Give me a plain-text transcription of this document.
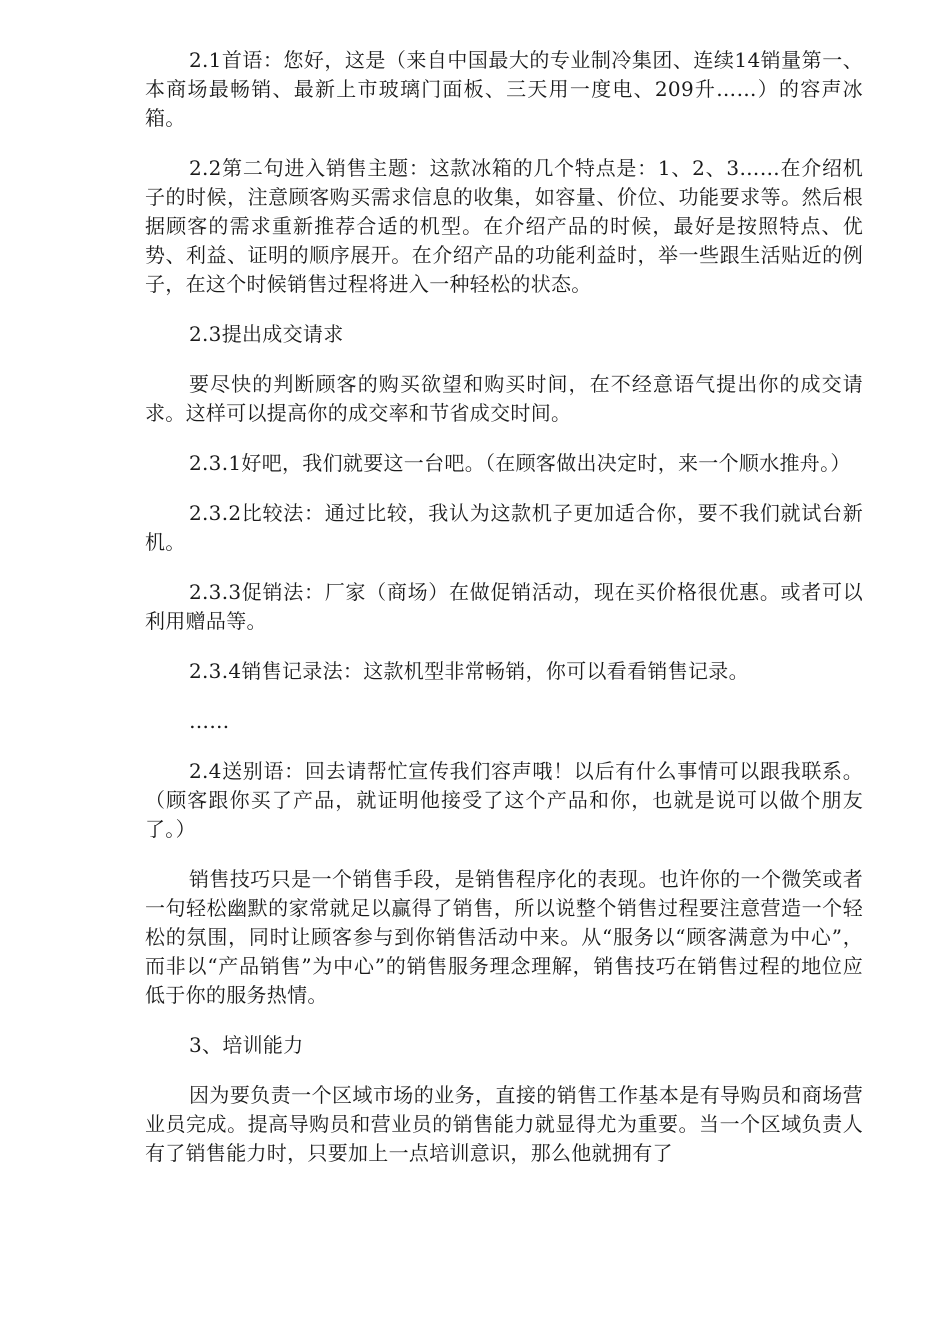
2.1首语：您好，这是（来自中国最大的专业制冷集团、连续14销量第一、本商场最畅销、最新上市玻璃门面板、三天用一度电、209升……）的容声冰箱。

2.2第二句进入销售主题：这款冰箱的几个特点是：1、2、3……在介绍机子的时候，注意顾客购买需求信息的收集，如容量、价位、功能要求等。然后根据顾客的需求重新推荐合适的机型。在介绍产品的时候，最好是按照特点、优势、利益、证明的顺序展开。在介绍产品的功能利益时，举一些跟生活贴近的例子，在这个时候销售过程将进入一种轻松的状态。

2.3提出成交请求

要尽快的判断顾客的购买欲望和购买时间，在不经意语气提出你的成交请求。这样可以提高你的成交率和节省成交时间。

2.3.1好吧，我们就要这一台吧。（在顾客做出决定时，来一个顺水推舟。）

2.3.2比较法：通过比较，我认为这款机子更加适合你，要不我们就试台新机。

2.3.3促销法：厂家（商场）在做促销活动，现在买价格很优惠。或者可以利用赠品等。

2.3.4销售记录法：这款机型非常畅销，你可以看看销售记录。

……

2.4送别语：回去请帮忙宣传我们容声哦！以后有什么事情可以跟我联系。（顾客跟你买了产品，就证明他接受了这个产品和你，也就是说可以做个朋友了。）

销售技巧只是一个销售手段，是销售程序化的表现。也许你的一个微笑或者一句轻松幽默的家常就足以赢得了销售，所以说整个销售过程要注意营造一个轻松的氛围，同时让顾客参与到你销售活动中来。从“服务以“顾客满意为中心”，而非以“产品销售”为中心”的销售服务理念理解，销售技巧在销售过程的地位应低于你的服务热情。

3、培训能力

因为要负责一个区域市场的业务，直接的销售工作基本是有导购员和商场营业员完成。提高导购员和营业员的销售能力就显得尤为重要。当一个区域负责人有了销售能力时，只要加上一点培训意识，那么他就拥有了
